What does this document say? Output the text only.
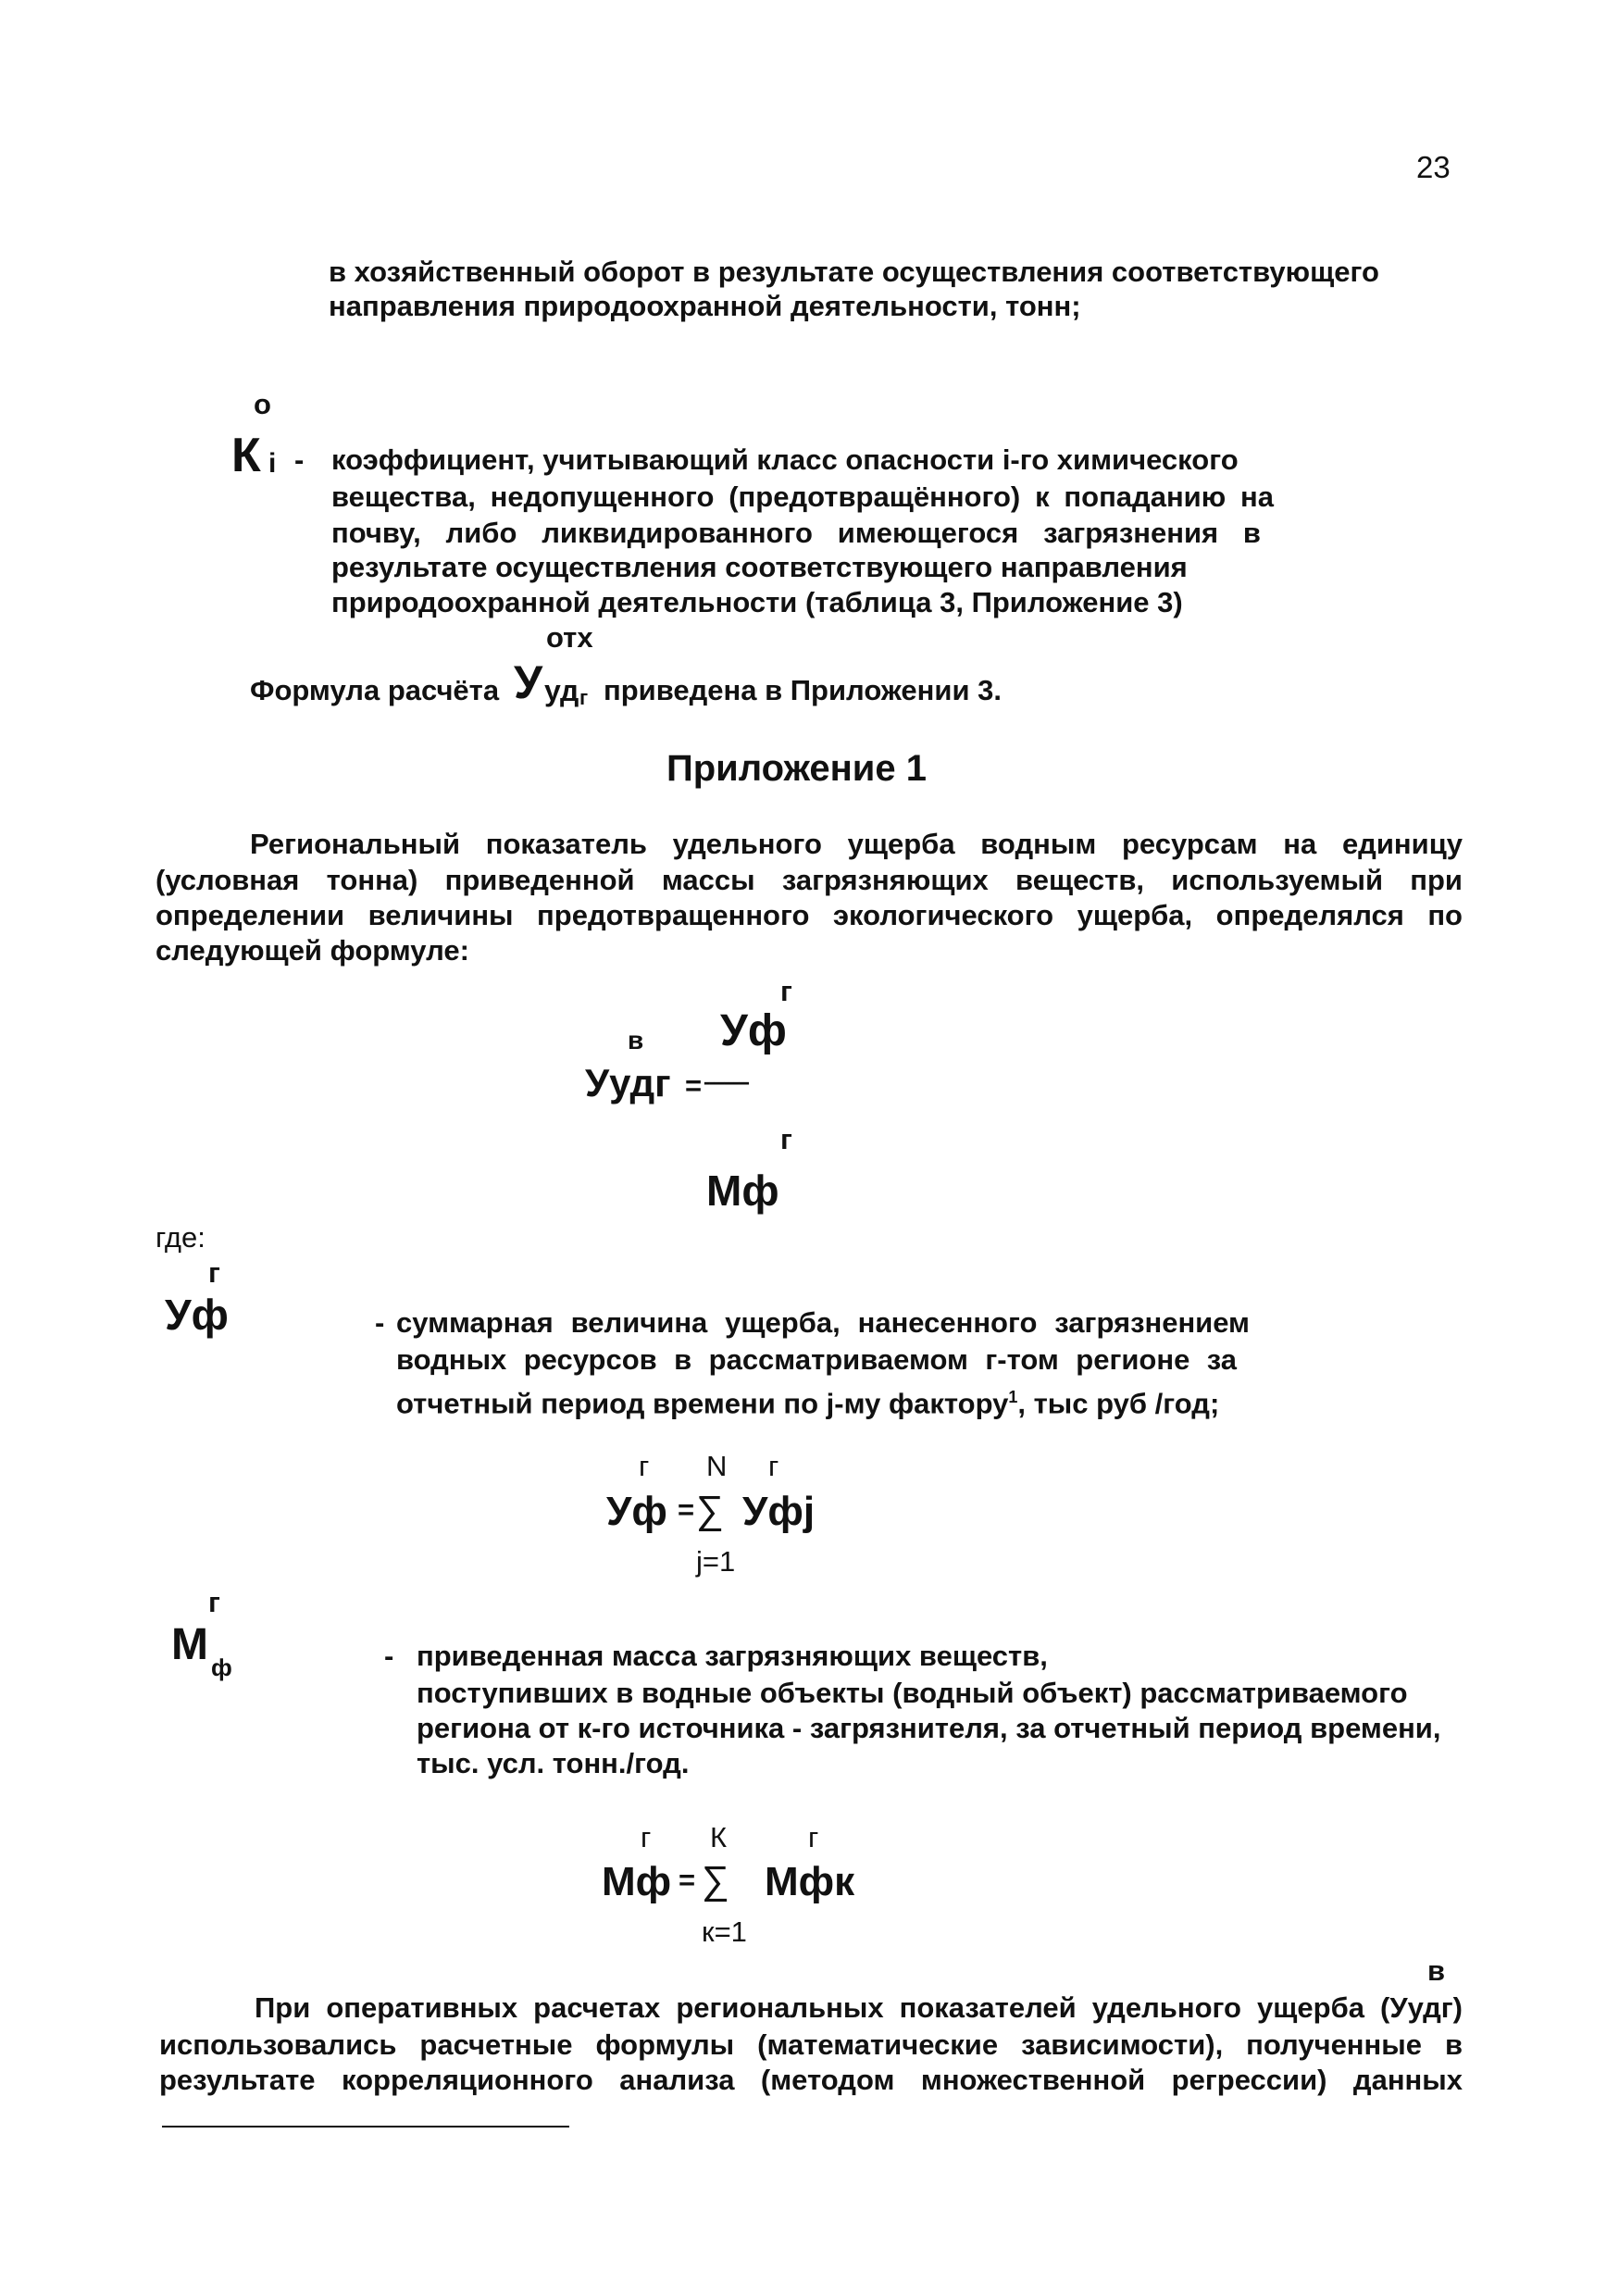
23
в хозяйственный оборот в результате осуществления соответствующего
направления природоохранной деятельности, тонн;
о
К i - коэффициент, учитывающий класс опасности i-го химического
вещества, недопущенного (предотвращённого) к попаданию на
почву, либо ликвидированного имеющегося загрязнения в
результате осуществления соответствующего направления
природоохранной деятельности (таблица 3, Приложение 3)
отх
Формула расчёта У уд г приведена в Приложении 3.
Приложение 1
Региональный показатель удельного ущерба водным ресурсам на единицу
(условная тонна) приведенной массы загрязняющих веществ, используемый при
определении величины предотвращенного экологического ущерба, определялся по
следующей формуле:
г
в Уф
Уудг = ---------
г
Мф
где:
г
Уф	- суммарная величина ущерба, нанесенного загрязнением
водных ресурсов в рассматриваемом г-том регионе за
отчетный период времени по j-му фактору$^1$, тыс руб /год;
г N г
Уф = ∑ Уфj
j=1
г
М ф	- приведенная масса загрязняющих веществ,
поступивших в водные объекты (водный объект) рассматриваемого
региона от к-го источника - загрязнителя, за отчетный период времени,
тыс. усл. тонн./год.
г К	г
Мф = ∑ Мфк
к=1
в
При оперативных расчетах региональных показателей удельного ущерба (Уудг)
использовались расчетные формулы (математические зависимости), полученные в
результате корреляционного анализа (методом множественной регрессии) данных
